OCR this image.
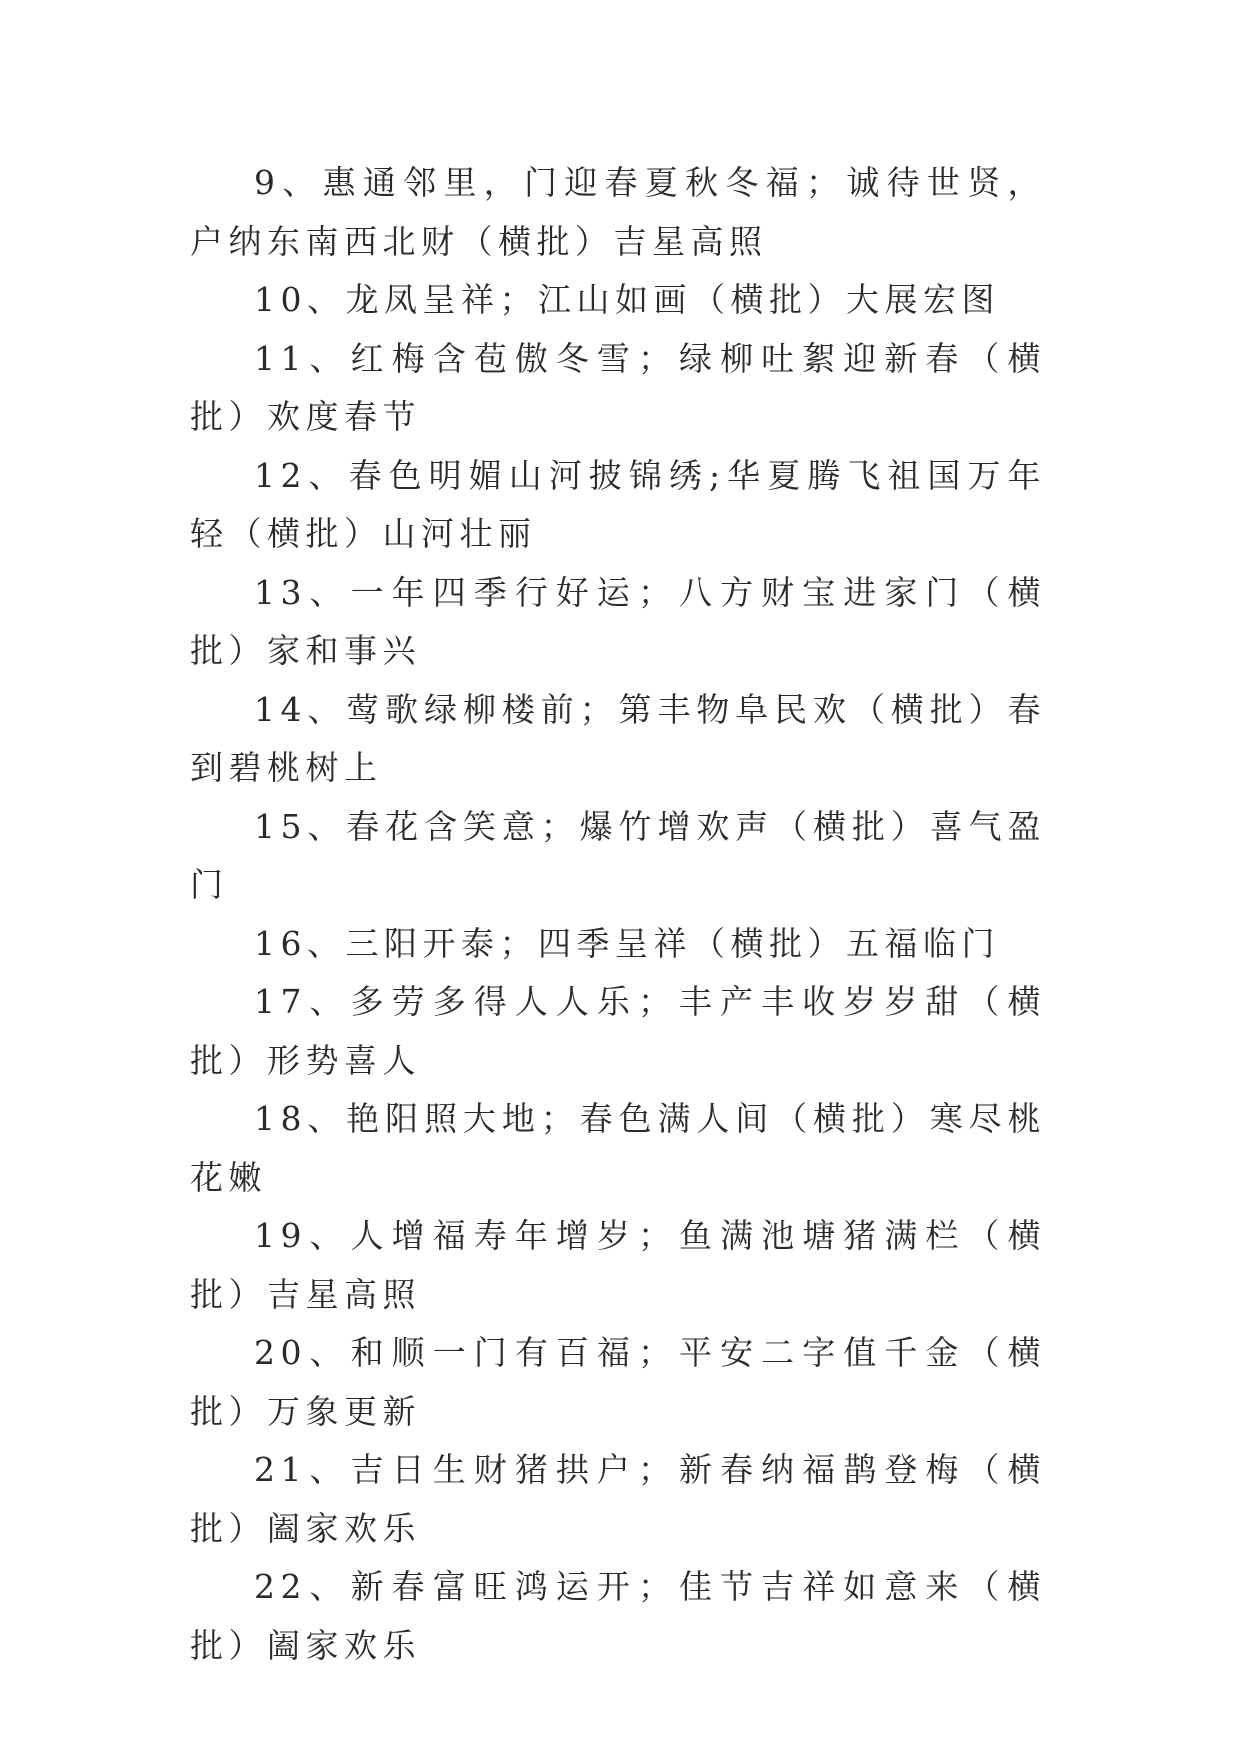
9、惠通邻里，门迎春夏秋冬福；诚待世贤，户纳东南西北财（横批）吉星高照

10、龙凤呈祥；江山如画（横批）大展宏图

11、红梅含苞傲冬雪；绿柳吐絮迎新春（横批）欢度春节

12、春色明媚山河披锦绣;华夏腾飞祖国万年轻（横批）山河壮丽

13、一年四季行好运；八方财宝进家门（横批）家和事兴

14、莺歌绿柳楼前；第丰物阜民欢（横批）春到碧桃树上

15、春花含笑意；爆竹增欢声（横批）喜气盈门

16、三阳开泰；四季呈祥（横批）五福临门

17、多劳多得人人乐；丰产丰收岁岁甜（横批）形势喜人

18、艳阳照大地；春色满人间（横批）寒尽桃花嫩

19、人增福寿年增岁；鱼满池塘猪满栏（横批）吉星高照

20、和顺一门有百福；平安二字值千金（横批）万象更新

21、吉日生财猪拱户；新春纳福鹊登梅（横批）阖家欢乐

22、新春富旺鸿运开；佳节吉祥如意来（横批）阖家欢乐
